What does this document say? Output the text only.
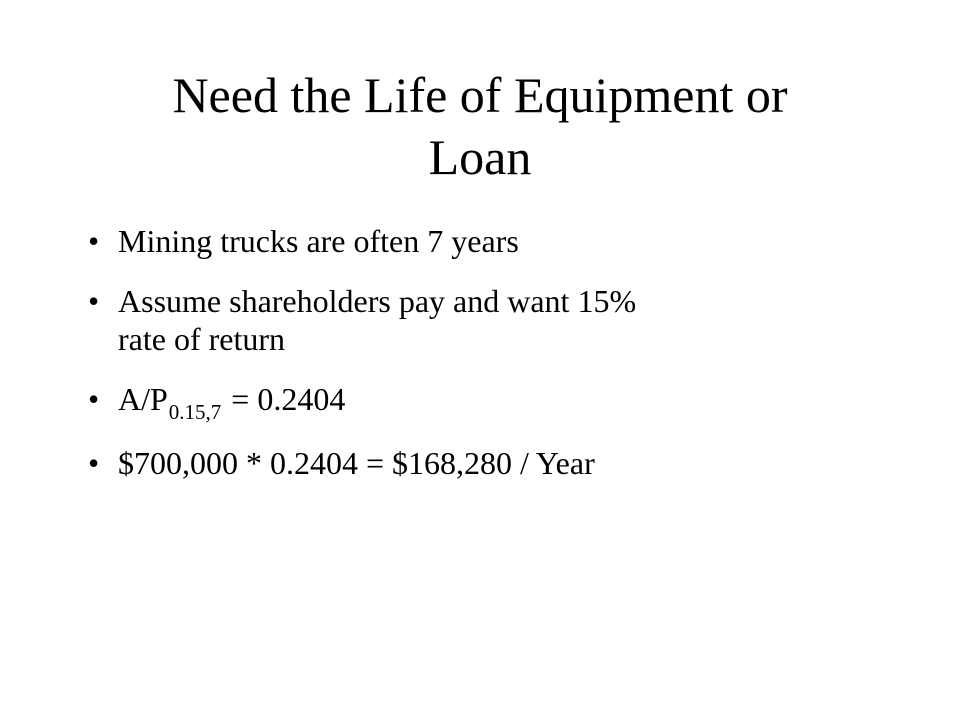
Need the Life of Equipment or
Loan
• Mining trucks are often 7 years
• Assume shareholders pay and want 15%
rate of return
• $A/P_{0.15,7} = 0.2404$
• $700,000 * 0.2404 = $168,280 / Year
